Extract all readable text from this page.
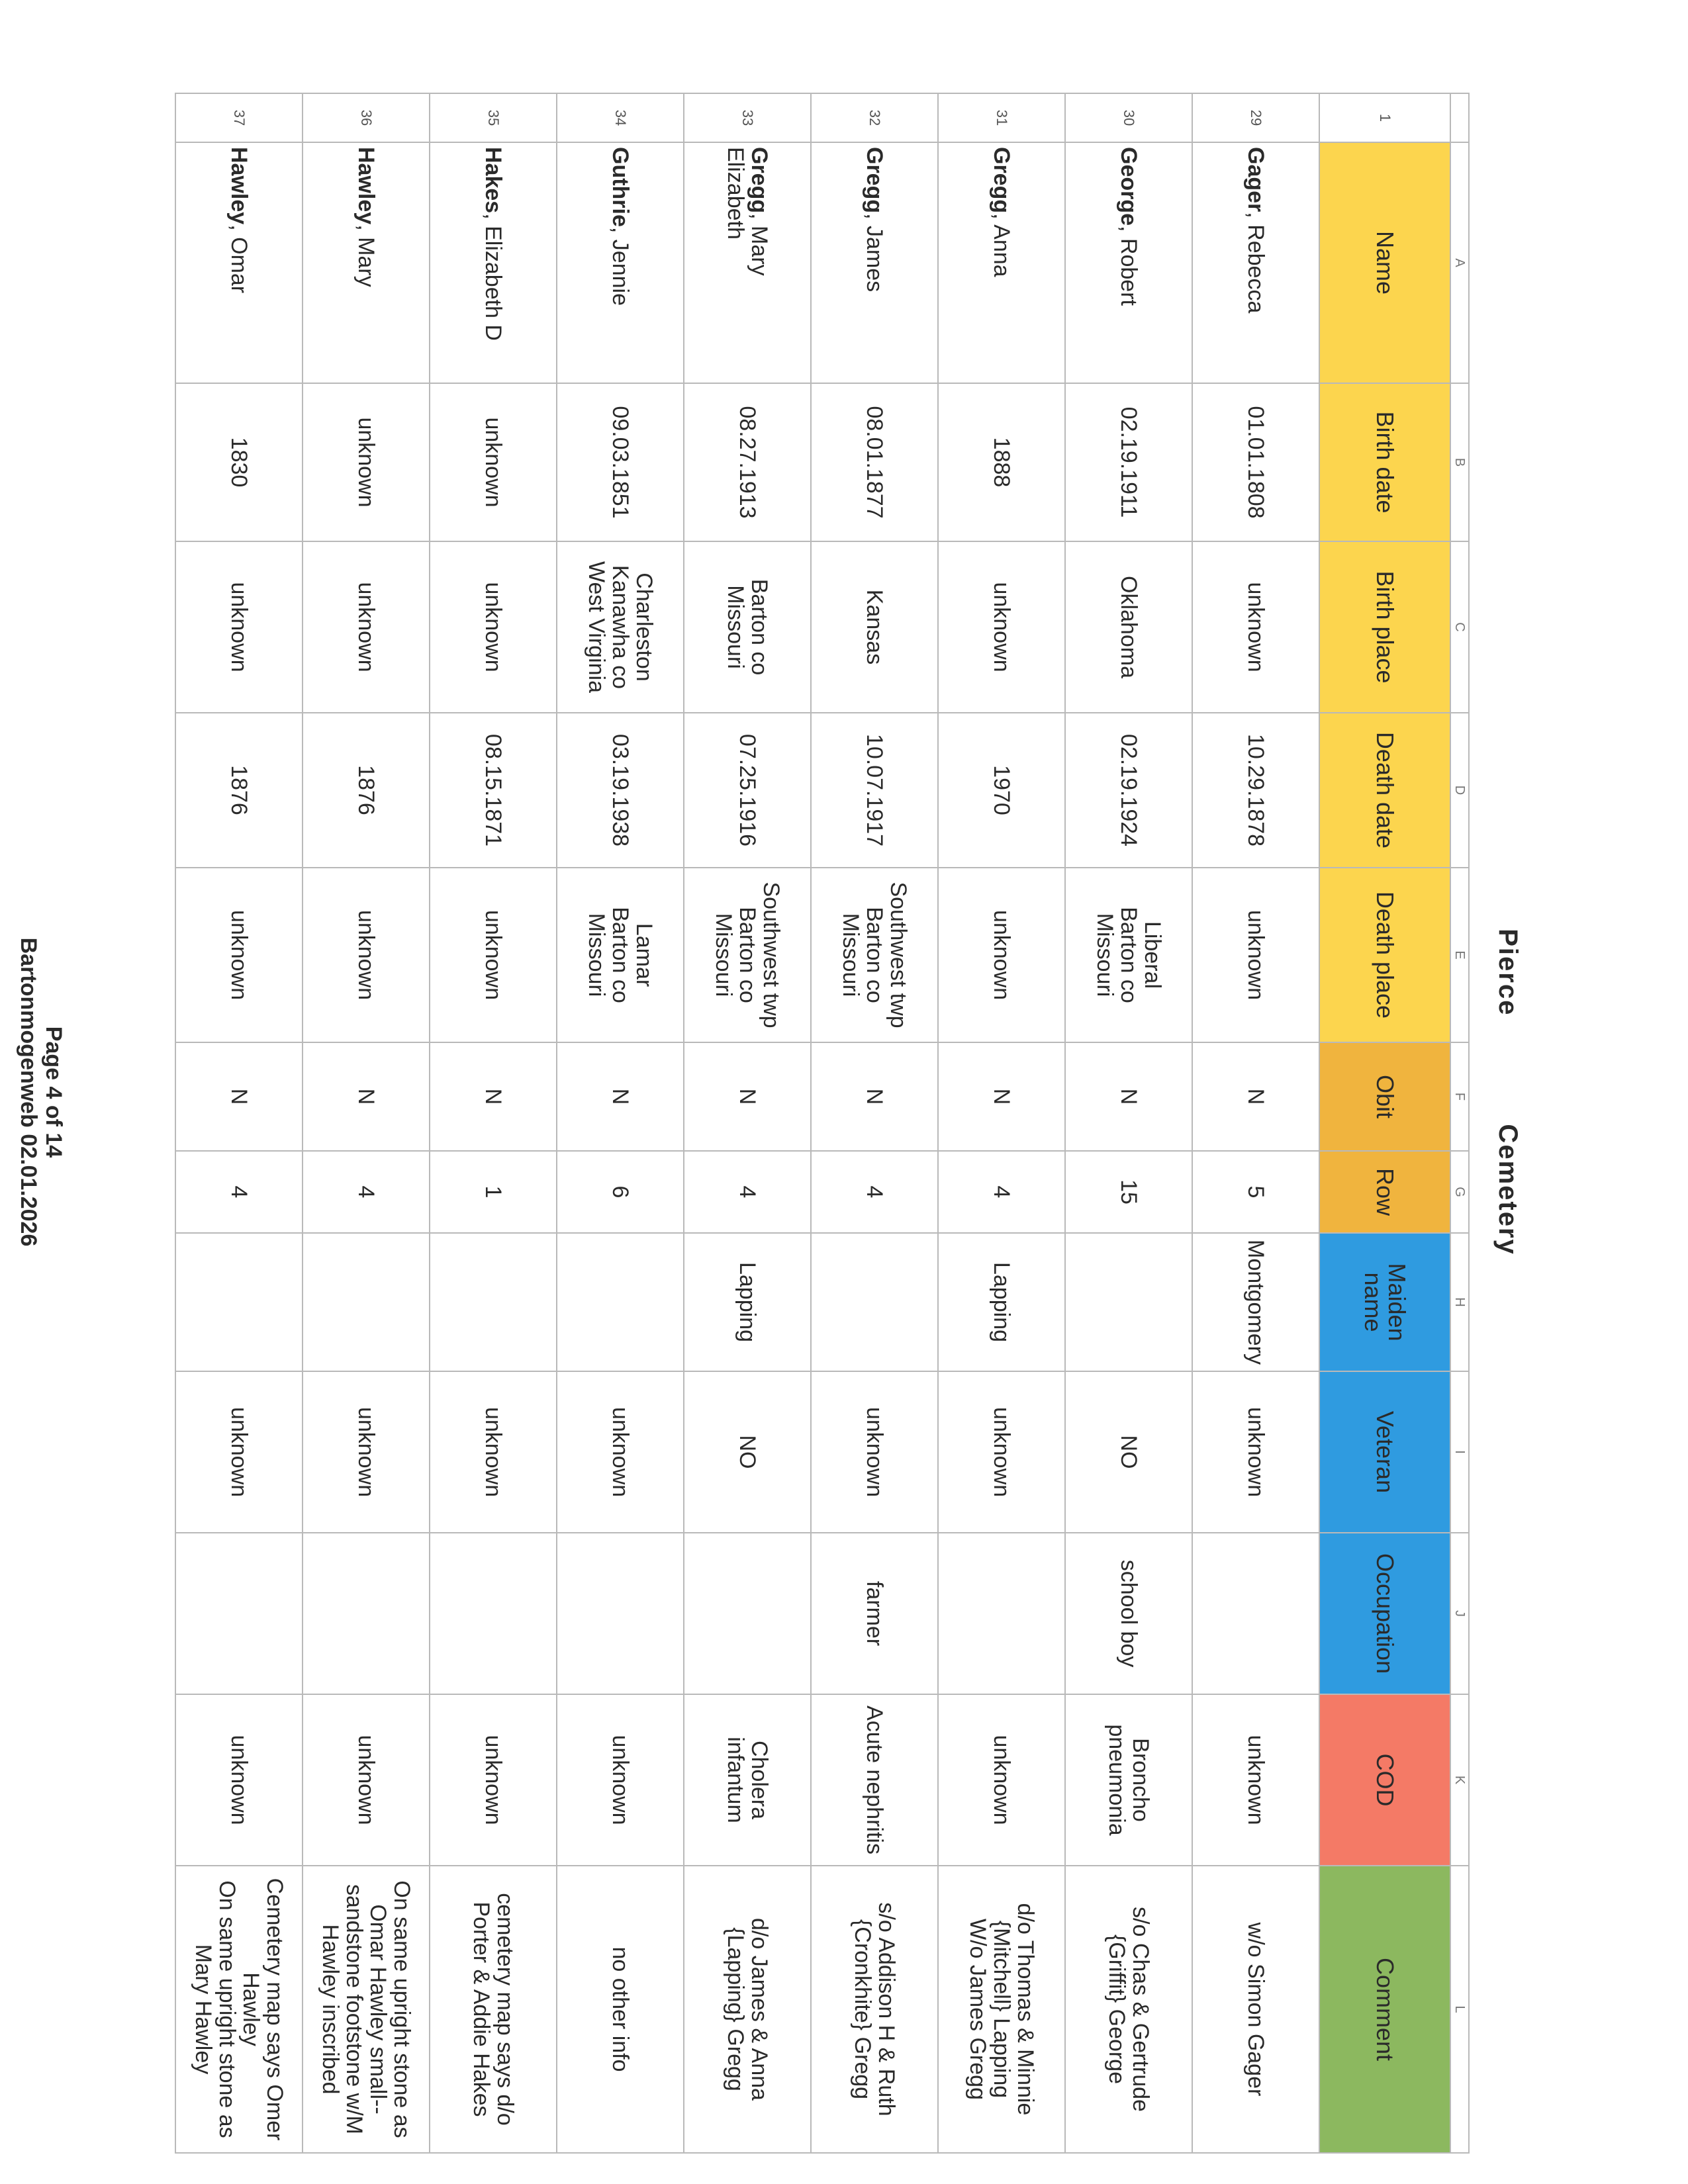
Pierce Cemetery
	A	B	C	D	E	F	G	H	I	J	K	L
1	Name	Birth date	Birth place	Death date	Death place	Obit	Row	Maiden name	Veteran	Occupation	COD	Comment
29	Gager, Rebecca	01.01.1808	unknown	10.29.1878	unknown	N	5	Montgomery	unknown		unknown	w/o Simon Gager

30	George, Robert	02.19.1911	Oklahoma	02.19.1924	Liberal
Barton co
Missouri	N	15		NO	school boy	Broncho
pneumonia	s/o Chas & Gertrude
{Griffit} George

31	Gregg, Anna	1888	unknown	1970	unknown	N	4	Lapping	unknown		unknown	d/o Thomas & Minnie
{Mitchell} Lapping
W/o James Gregg

32	Gregg, James	08.01.1877	Kansas	10.07.1917	Southwest twp
Barton co
Missouri	N	4		unknown	farmer	Acute nephritis	s/o Addison H & Ruth
{Cronkhite} Gregg

33	Gregg, Mary
Elizabeth	08.27.1913	Barton co
Missouri	07.25.1916	Southwest twp
Barton co
Missouri	N	4	Lapping	NO		Cholera
infantum	d/o James & Anna
{Lapping} Gregg

34	Guthrie, Jennie	09.03.1851	Charleston
Kanawha co
West Virginia	03.19.1938	Lamar
Barton co
Missouri	N	6		unknown		unknown	no other info

35	Hakes, Elizabeth D	unknown	unknown	08.15.1871	unknown	N	1		unknown		unknown	cemetery map says d/o
Porter & Addie Hakes

36	Hawley, Mary	unknown	unknown	1876	unknown	N	4		unknown		unknown	On same upright stone as
Omar Hawley small--
sandstone footstone w/M
Hawley inscribed

37	Hawley, Omar	1830	unknown	1876	unknown	N	4		unknown		unknown	Cemetery map says Omer
Hawley
On same upright stone as
Mary Hawley
Page 4 of 14
Bartonmogenweb 02.01.2026
